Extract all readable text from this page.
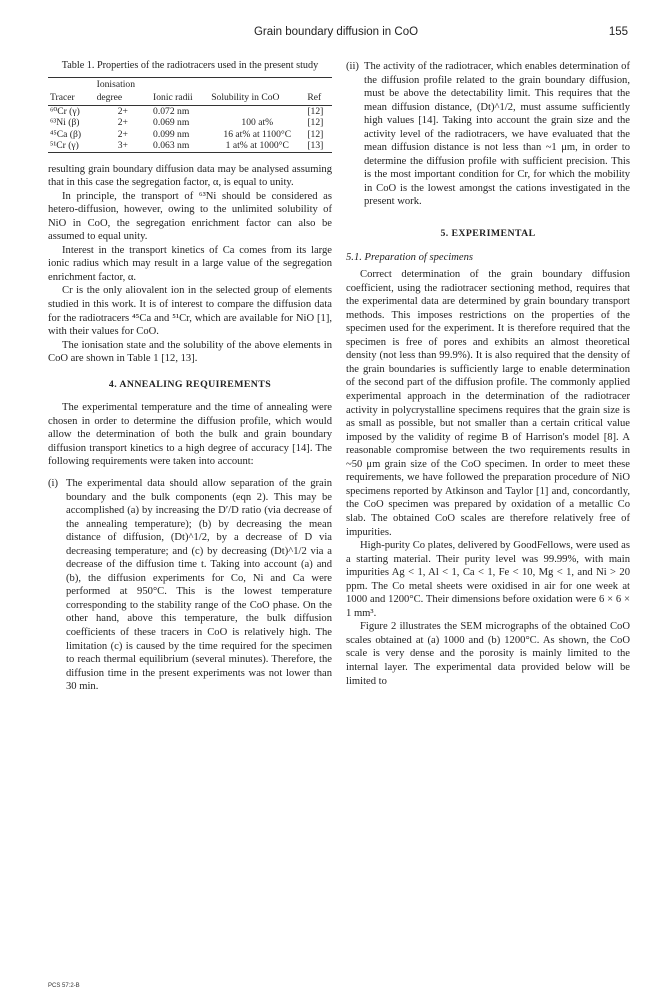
Grain boundary diffusion in CoO	155
Table 1. Properties of the radiotracers used in the present study
	Ionisation			
Tracer	degree	Ionic radii	Solubility in CoO	Ref
⁶⁰Cr (γ)	2+	0.072 nm		[12]
⁶³Ni (β)	2+	0.069 nm	100 at%	[12]
⁴⁵Ca (β)	2+	0.099 nm	16 at% at 1100°C	[12]
⁵¹Cr (γ)	3+	0.063 nm	1 at% at 1000°C	[13]

resulting grain boundary diffusion data may be analysed assuming that in this case the segregation factor, α, is equal to unity.

In principle, the transport of ⁶³Ni should be considered as hetero-diffusion, however, owing to the unlimited solubility of NiO in CoO, the segregation enrichment factor can also be assumed to equal unity.

Interest in the transport kinetics of Ca comes from its large ionic radius which may result in a large value of the segregation enrichment factor, α.

Cr is the only aliovalent ion in the selected group of elements studied in this work. It is of interest to compare the diffusion data for the radiotracers ⁴⁵Ca and ⁵¹Cr, which are available for NiO [1], with their values for CoO.

The ionisation state and the solubility of the above elements in CoO are shown in Table 1 [12, 13].

4. ANNEALING REQUIREMENTS

The experimental temperature and the time of annealing were chosen in order to determine the diffusion profile, which would allow the determination of both the bulk and grain boundary diffusion transport kinetics to a high degree of accuracy [14]. The following requirements were taken into account:

(i) The experimental data should allow separation of the grain boundary and the bulk components (eqn 2). This may be accomplished (a) by increasing the D′/D ratio (via decrease of the annealing temperature); (b) by decreasing the mean distance of diffusion, (Dt)^1/2, by a decrease of D via decreasing temperature; and (c) by decreasing (Dt)^1/2 via a decrease of the diffusion time t. Taking into account (a) and (b), the diffusion experiments for Co, Ni and Ca were performed at 950°C. This is the lowest temperature corresponding to the stability range of the CoO phase. On the other hand, above this temperature, the bulk diffusion coefficients of these tracers in CoO is relatively high. The limitation (c) is caused by the time required for the specimen to reach thermal equilibrium (several minutes). Therefore, the diffusion time in the present experiments was not lower than 30 min.
(ii) The activity of the radiotracer, which enables determination of the diffusion profile related to the grain boundary diffusion, must be above the detectability limit. This requires that the mean diffusion distance, (Dt)^1/2, must assume sufficiently high values [14]. Taking into account the grain size and the activity level of the radiotracers, we have evaluated that the mean diffusion distance is not less than ~1 μm, in order to determine the diffusion profile with sufficient precision. This is the most important condition for Cr, for which the mobility in CoO is the lowest amongst the cations investigated in the present work.
5. EXPERIMENTAL
5.1. Preparation of specimens

Correct determination of the grain boundary diffusion coefficient, using the radiotracer sectioning method, requires that the experimental data are determined by grain boundary transport methods. This imposes restrictions on the properties of the specimen used for the experiment. It is therefore required that the specimen is free of pores and exhibits an almost theoretical density (not less than 99.9%). It is also required that the density of the grain boundaries is sufficiently large to enable determination of the second part of the diffusion profile. The commonly applied experimental approach in the determination of the radiotracer activity in polycrystalline specimens requires that the grain size is as small as possible, but not smaller than a certain critical value imposed by the validity of regime B of Harrison's model [8]. A reasonable compromise between the two requirements results in ~50 μm grain size of the CoO specimen. In order to meet these requirements, we have followed the preparation procedure of NiO specimens reported by Atkinson and Taylor [1] and, concordantly, the CoO specimen was prepared by oxidation of a metallic Co slab. The obtained CoO scales are therefore relatively free of impurities.

High-purity Co plates, delivered by GoodFellows, were used as a starting material. Their purity level was 99.99%, with main impurities Ag < 1, Al < 1, Ca < 1, Fe < 10, Mg < 1, and Ni > 20 ppm. The Co metal sheets were oxidised in air for one week at 1000 and 1200°C. Their dimensions before oxidation were 6 × 6 × 1 mm³.

Figure 2 illustrates the SEM micrographs of the obtained CoO scales obtained at (a) 1000 and (b) 1200°C. As shown, the CoO scale is very dense and the porosity is mainly limited to the internal layer. The experimental data provided below will be limited to

PCS 57:2-B
